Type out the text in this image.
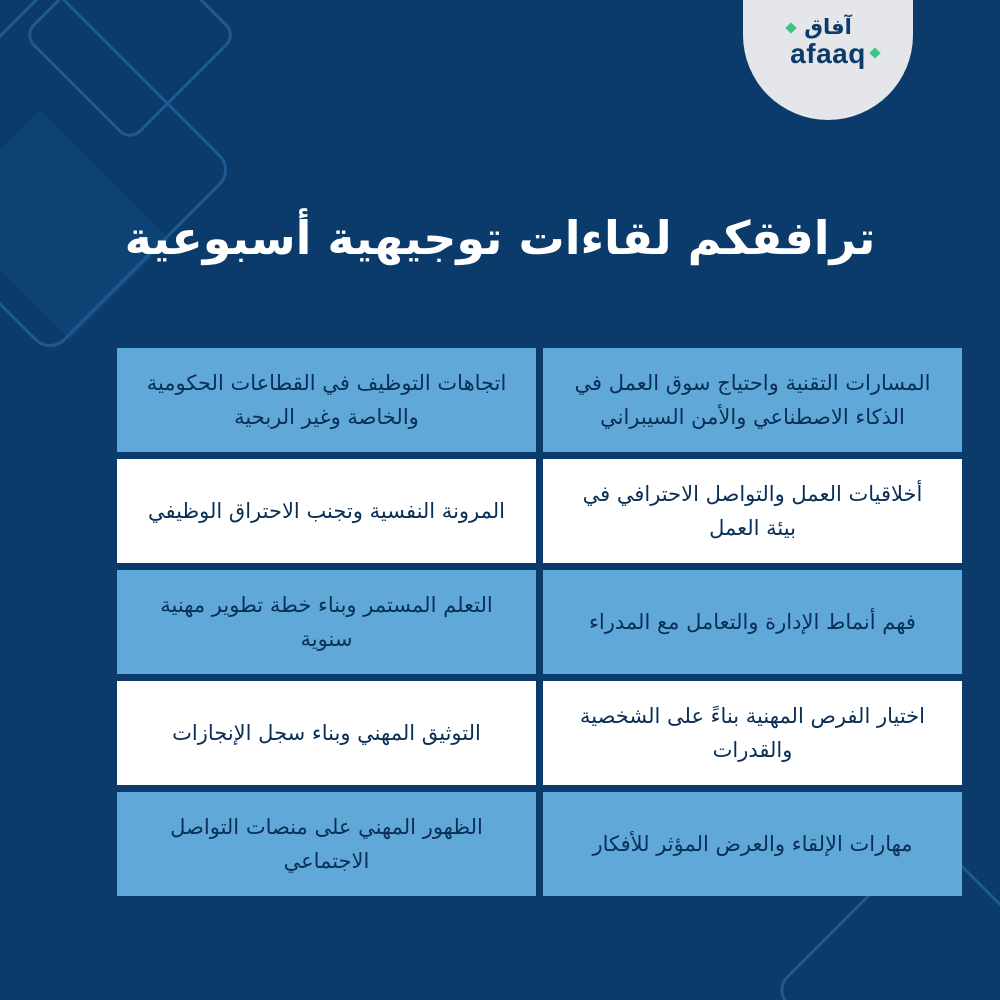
آفاق
afaaq
ترافقكم لقاءات توجيهية أسبوعية
المسارات التقنية واحتياج سوق العمل في الذكاء الاصطناعي والأمن السيبراني
اتجاهات التوظيف في القطاعات الحكومية والخاصة وغير الربحية
أخلاقيات العمل والتواصل الاحترافي في بيئة العمل
المرونة النفسية وتجنب الاحتراق الوظيفي
فهم أنماط الإدارة والتعامل مع المدراء
التعلم المستمر وبناء خطة تطوير مهنية سنوية
اختيار الفرص المهنية بناءً على الشخصية والقدرات
التوثيق المهني وبناء سجل الإنجازات
مهارات الإلقاء والعرض المؤثر للأفكار
الظهور المهني على منصات التواصل الاجتماعي
